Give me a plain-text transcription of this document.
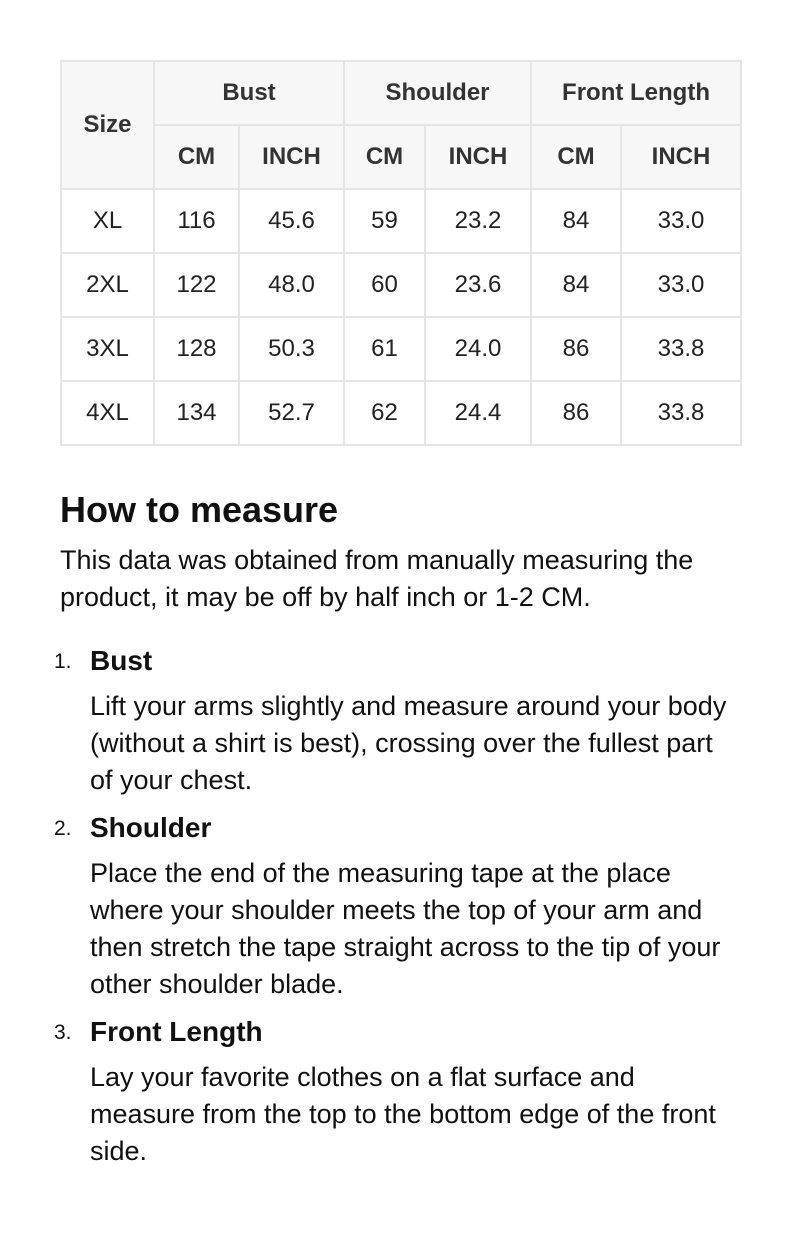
Size	Bust		Shoulder		Front Length	
	CM	INCH	CM	INCH	CM	INCH
XL	116	45.6	59	23.2	84	33.0
2XL	122	48.0	60	23.6	84	33.0
3XL	128	50.3	61	24.0	86	33.8
4XL	134	52.7	62	24.4	86	33.8
How to measure

This data was obtained from manually measuring the product, it may be off by half inch or 1-2 CM.

1. Bust
Lift your arms slightly and measure around your body (without a shirt is best), crossing over the fullest part of your chest.
2. Shoulder
Place the end of the measuring tape at the place where your shoulder meets the top of your arm and then stretch the tape straight across to the tip of your other shoulder blade.
3. Front Length
Lay your favorite clothes on a flat surface and measure from the top to the bottom edge of the front side.
